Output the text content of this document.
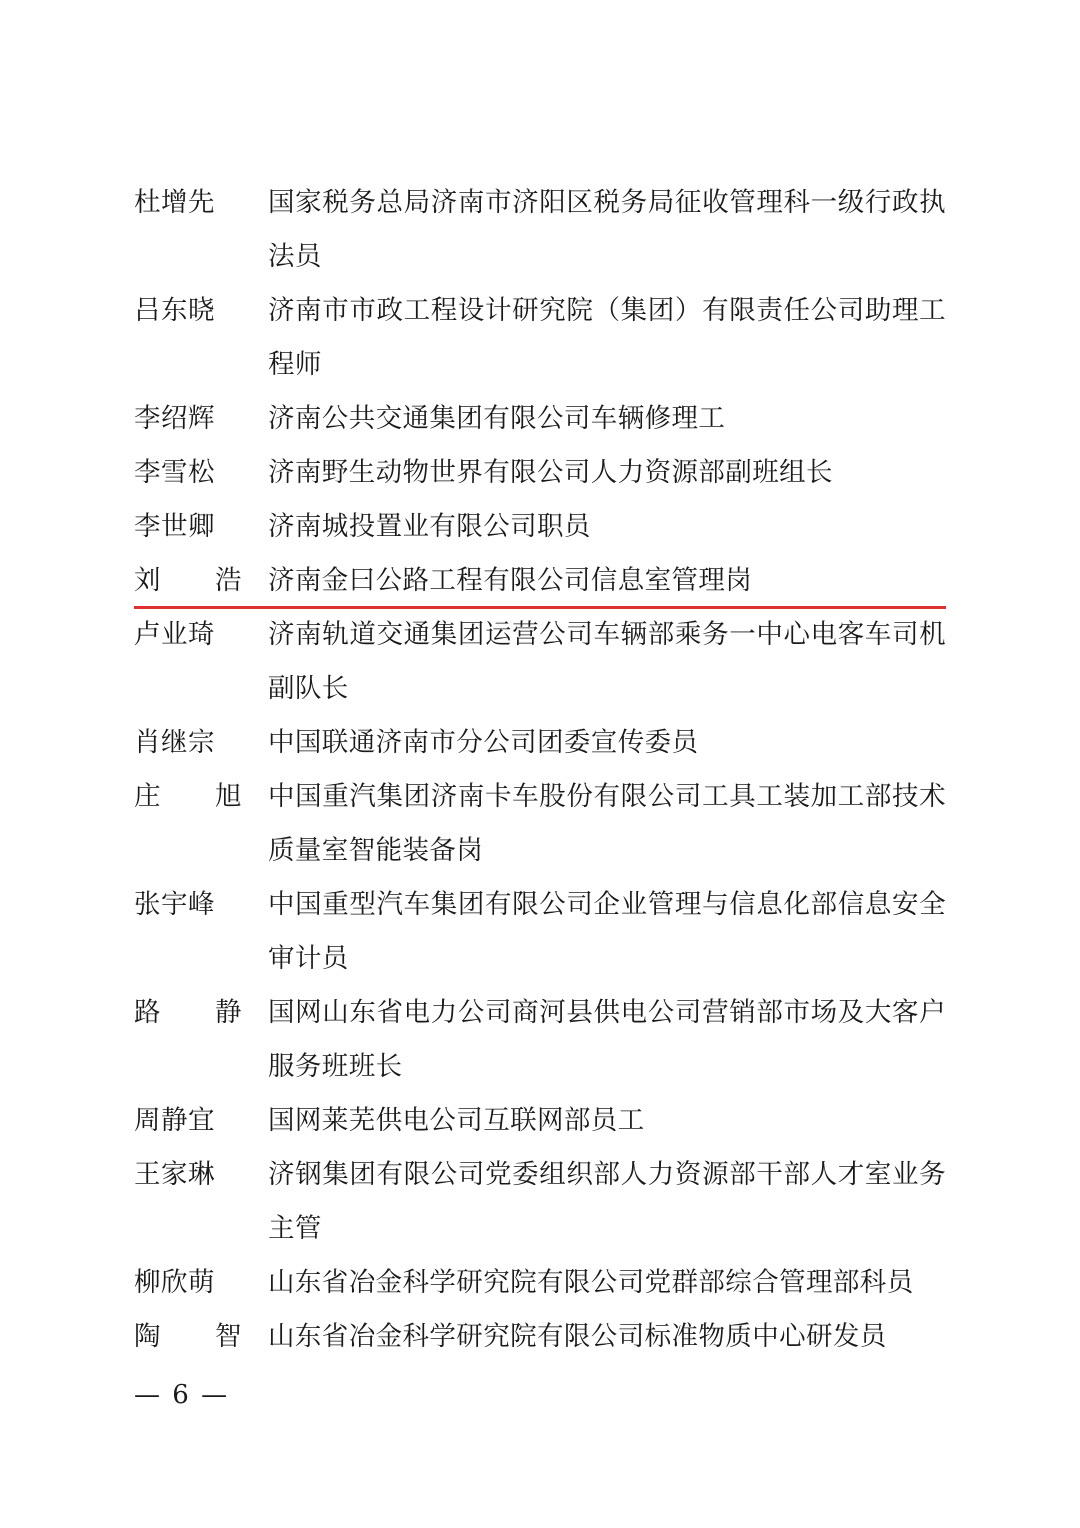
杜增先	国家税务总局济南市济阳区税务局征收管理科一级行政执法员
吕东晓	济南市市政工程设计研究院（集团）有限责任公司助理工程师
李绍辉	济南公共交通集团有限公司车辆修理工
李雪松	济南野生动物世界有限公司人力资源部副班组长
李世卿	济南城投置业有限公司职员
刘　　浩 济南金曰公路工程有限公司信息室管理岗
卢业琦	济南轨道交通集团运营公司车辆部乘务一中心电客车司机副队长
肖继宗	中国联通济南市分公司团委宣传委员
庄　　旭 中国重汽集团济南卡车股份有限公司工具工装加工部技术质量室智能装备岗
张宇峰	中国重型汽车集团有限公司企业管理与信息化部信息安全审计员
路　　静 国网山东省电力公司商河县供电公司营销部市场及大客户服务班班长
周静宜	国网莱芜供电公司互联网部员工
王家琳	济钢集团有限公司党委组织部人力资源部干部人才室业务主管
柳欣萌	山东省冶金科学研究院有限公司党群部综合管理部科员
陶　　智 山东省冶金科学研究院有限公司标准物质中心研发员
— 6 —
